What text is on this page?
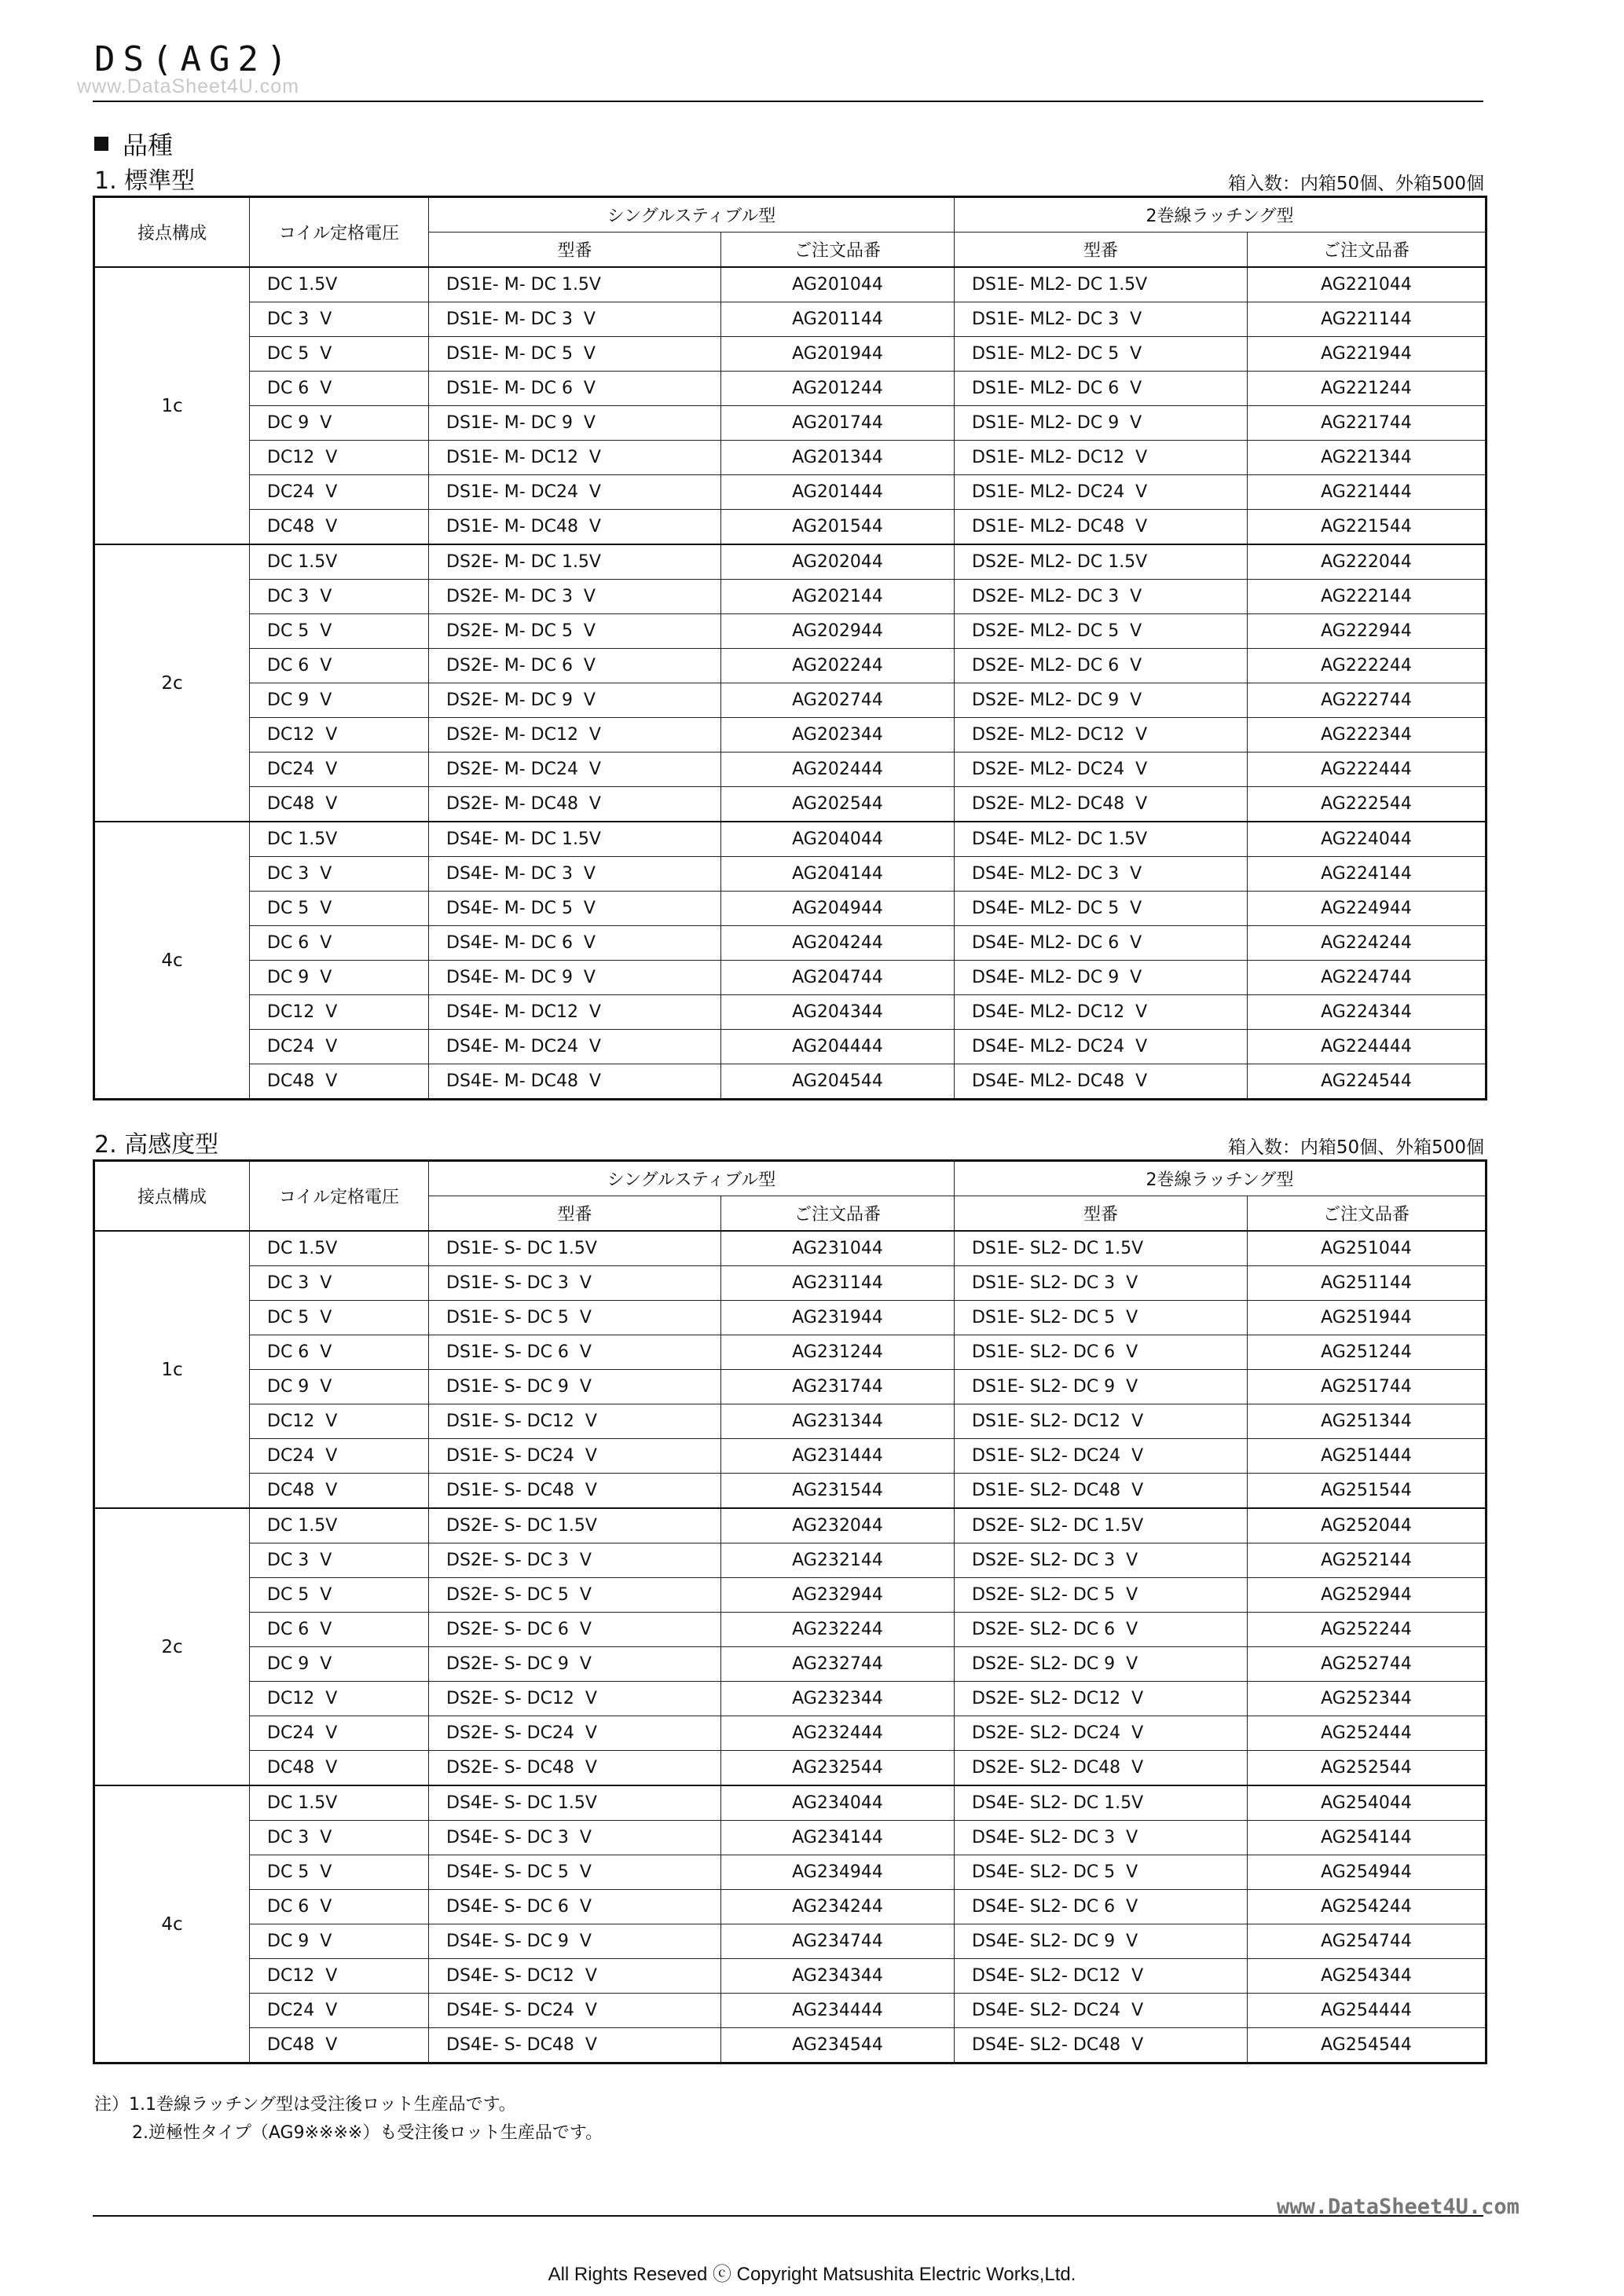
DS(AG2)
www.DataSheet4U.com
品種
1. 標準型	箱入数：内箱50個、外箱500個
接点構成	コイル定格電圧	シングルスティブル型		2巻線ラッチング型	
		型番	ご注文品番	型番	ご注文品番
1c	DC 1.5V	DS1E- M- DC 1.5V	AG201044	DS1E- ML2- DC 1.5V	AG221044
	DC 3  V	DS1E- M- DC 3  V	AG201144	DS1E- ML2- DC 3  V	AG221144
	DC 5  V	DS1E- M- DC 5  V	AG201944	DS1E- ML2- DC 5  V	AG221944
	DC 6  V	DS1E- M- DC 6  V	AG201244	DS1E- ML2- DC 6  V	AG221244
	DC 9  V	DS1E- M- DC 9  V	AG201744	DS1E- ML2- DC 9  V	AG221744
	DC12  V	DS1E- M- DC12  V	AG201344	DS1E- ML2- DC12  V	AG221344
	DC24  V	DS1E- M- DC24  V	AG201444	DS1E- ML2- DC24  V	AG221444
	DC48  V	DS1E- M- DC48  V	AG201544	DS1E- ML2- DC48  V	AG221544
2c	DC 1.5V	DS2E- M- DC 1.5V	AG202044	DS2E- ML2- DC 1.5V	AG222044
	DC 3  V	DS2E- M- DC 3  V	AG202144	DS2E- ML2- DC 3  V	AG222144
	DC 5  V	DS2E- M- DC 5  V	AG202944	DS2E- ML2- DC 5  V	AG222944
	DC 6  V	DS2E- M- DC 6  V	AG202244	DS2E- ML2- DC 6  V	AG222244
	DC 9  V	DS2E- M- DC 9  V	AG202744	DS2E- ML2- DC 9  V	AG222744
	DC12  V	DS2E- M- DC12  V	AG202344	DS2E- ML2- DC12  V	AG222344
	DC24  V	DS2E- M- DC24  V	AG202444	DS2E- ML2- DC24  V	AG222444
	DC48  V	DS2E- M- DC48  V	AG202544	DS2E- ML2- DC48  V	AG222544
4c	DC 1.5V	DS4E- M- DC 1.5V	AG204044	DS4E- ML2- DC 1.5V	AG224044
	DC 3  V	DS4E- M- DC 3  V	AG204144	DS4E- ML2- DC 3  V	AG224144
	DC 5  V	DS4E- M- DC 5  V	AG204944	DS4E- ML2- DC 5  V	AG224944
	DC 6  V	DS4E- M- DC 6  V	AG204244	DS4E- ML2- DC 6  V	AG224244
	DC 9  V	DS4E- M- DC 9  V	AG204744	DS4E- ML2- DC 9  V	AG224744
	DC12  V	DS4E- M- DC12  V	AG204344	DS4E- ML2- DC12  V	AG224344
	DC24  V	DS4E- M- DC24  V	AG204444	DS4E- ML2- DC24  V	AG224444
	DC48  V	DS4E- M- DC48  V	AG204544	DS4E- ML2- DC48  V	AG224544
2. 高感度型	箱入数：内箱50個、外箱500個
接点構成	コイル定格電圧	シングルスティブル型		2巻線ラッチング型	
		型番	ご注文品番	型番	ご注文品番
1c	DC 1.5V	DS1E- S- DC 1.5V	AG231044	DS1E- SL2- DC 1.5V	AG251044
	DC 3  V	DS1E- S- DC 3  V	AG231144	DS1E- SL2- DC 3  V	AG251144
	DC 5  V	DS1E- S- DC 5  V	AG231944	DS1E- SL2- DC 5  V	AG251944
	DC 6  V	DS1E- S- DC 6  V	AG231244	DS1E- SL2- DC 6  V	AG251244
	DC 9  V	DS1E- S- DC 9  V	AG231744	DS1E- SL2- DC 9  V	AG251744
	DC12  V	DS1E- S- DC12  V	AG231344	DS1E- SL2- DC12  V	AG251344
	DC24  V	DS1E- S- DC24  V	AG231444	DS1E- SL2- DC24  V	AG251444
	DC48  V	DS1E- S- DC48  V	AG231544	DS1E- SL2- DC48  V	AG251544
2c	DC 1.5V	DS2E- S- DC 1.5V	AG232044	DS2E- SL2- DC 1.5V	AG252044
	DC 3  V	DS2E- S- DC 3  V	AG232144	DS2E- SL2- DC 3  V	AG252144
	DC 5  V	DS2E- S- DC 5  V	AG232944	DS2E- SL2- DC 5  V	AG252944
	DC 6  V	DS2E- S- DC 6  V	AG232244	DS2E- SL2- DC 6  V	AG252244
	DC 9  V	DS2E- S- DC 9  V	AG232744	DS2E- SL2- DC 9  V	AG252744
	DC12  V	DS2E- S- DC12  V	AG232344	DS2E- SL2- DC12  V	AG252344
	DC24  V	DS2E- S- DC24  V	AG232444	DS2E- SL2- DC24  V	AG252444
	DC48  V	DS2E- S- DC48  V	AG232544	DS2E- SL2- DC48  V	AG252544
4c	DC 1.5V	DS4E- S- DC 1.5V	AG234044	DS4E- SL2- DC 1.5V	AG254044
	DC 3  V	DS4E- S- DC 3  V	AG234144	DS4E- SL2- DC 3  V	AG254144
	DC 5  V	DS4E- S- DC 5  V	AG234944	DS4E- SL2- DC 5  V	AG254944
	DC 6  V	DS4E- S- DC 6  V	AG234244	DS4E- SL2- DC 6  V	AG254244
	DC 9  V	DS4E- S- DC 9  V	AG234744	DS4E- SL2- DC 9  V	AG254744
	DC12  V	DS4E- S- DC12  V	AG234344	DS4E- SL2- DC12  V	AG254344
	DC24  V	DS4E- S- DC24  V	AG234444	DS4E- SL2- DC24  V	AG254444
	DC48  V	DS4E- S- DC48  V	AG234544	DS4E- SL2- DC48  V	AG254544
注）1.1巻線ラッチング型は受注後ロット生産品です。
2.逆極性タイプ（AG9※※※※）も受注後ロット生産品です。
www.DataSheet4U.com
All Rights Reseved ⓒ Copyright Matsushita Electric Works,Ltd.
